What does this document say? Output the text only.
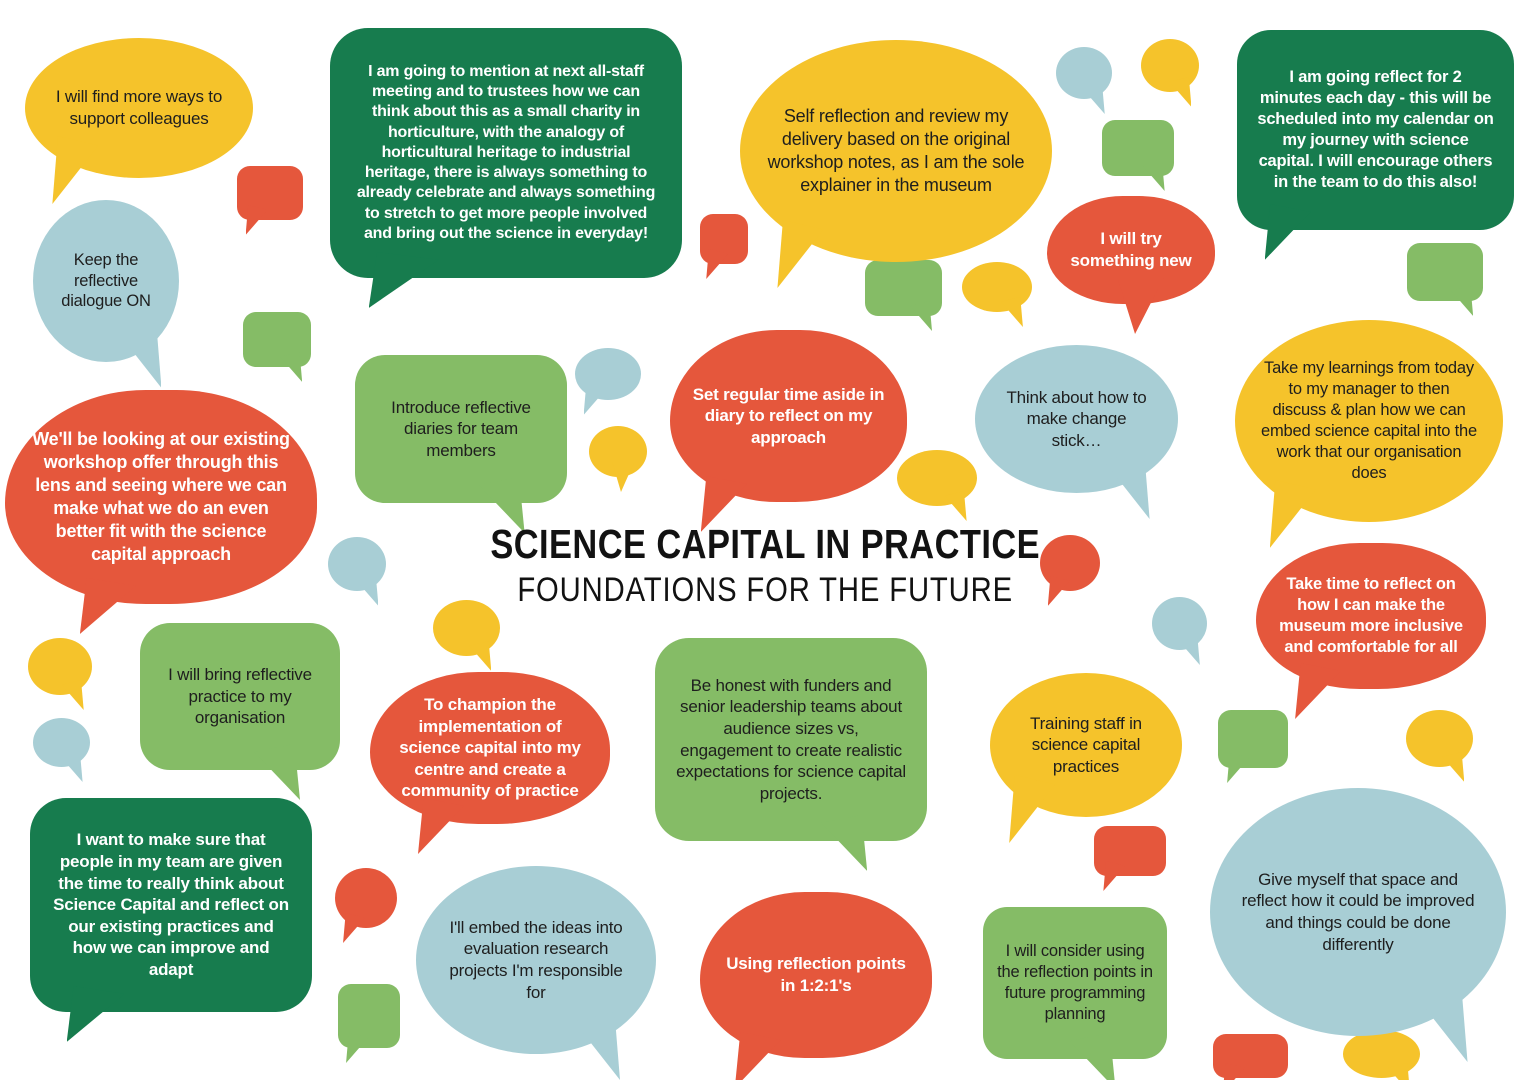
I will find more ways to support colleagues
I am going to mention at next all-staff meeting and to trustees how we can think about this as a small charity in horticulture, with the analogy of horticultural heritage to industrial heritage, there is always something to already celebrate and always something to stretch to get more people involved and bring out the science in everyday!
Self reflection and review my delivery based on the original workshop notes, as I am the sole explainer in the museum
I am going reflect for 2 minutes each day - this will be scheduled into my calendar on my journey with science capital. I will encourage others in the team to do this also!
I will try something new
Keep the reflective dialogue ON
We'll be looking at our existing workshop offer through this lens and seeing where we can make what we do an even better fit with the science capital approach
Introduce reflective diaries for team members
Set regular time aside in diary to reflect on my approach
Think about how to make change stick…
Take my learnings from today to my manager to then discuss & plan how we can embed science capital into the work that our organisation does
Take time to reflect on how I can make the museum more inclusive and comfortable for all
I will bring reflective practice to my organisation
To champion the implementation of science capital into my centre and create a community of practice
Be honest with funders and senior leadership teams about audience sizes vs, engagement to create realistic expectations for science capital projects.
Training staff in science capital practices
I want to make sure that people in my team are given the time to really think about Science Capital and reflect on our existing practices and how we can improve and adapt
I'll embed the ideas into evaluation research projects I'm responsible for
Using reflection points in 1:2:1's
I will consider using the reflection points in future programming planning
Give myself that space and reflect how it could be improved and things could be done differently
SCIENCE CAPITAL IN PRACTICE
FOUNDATIONS FOR THE FUTURE
